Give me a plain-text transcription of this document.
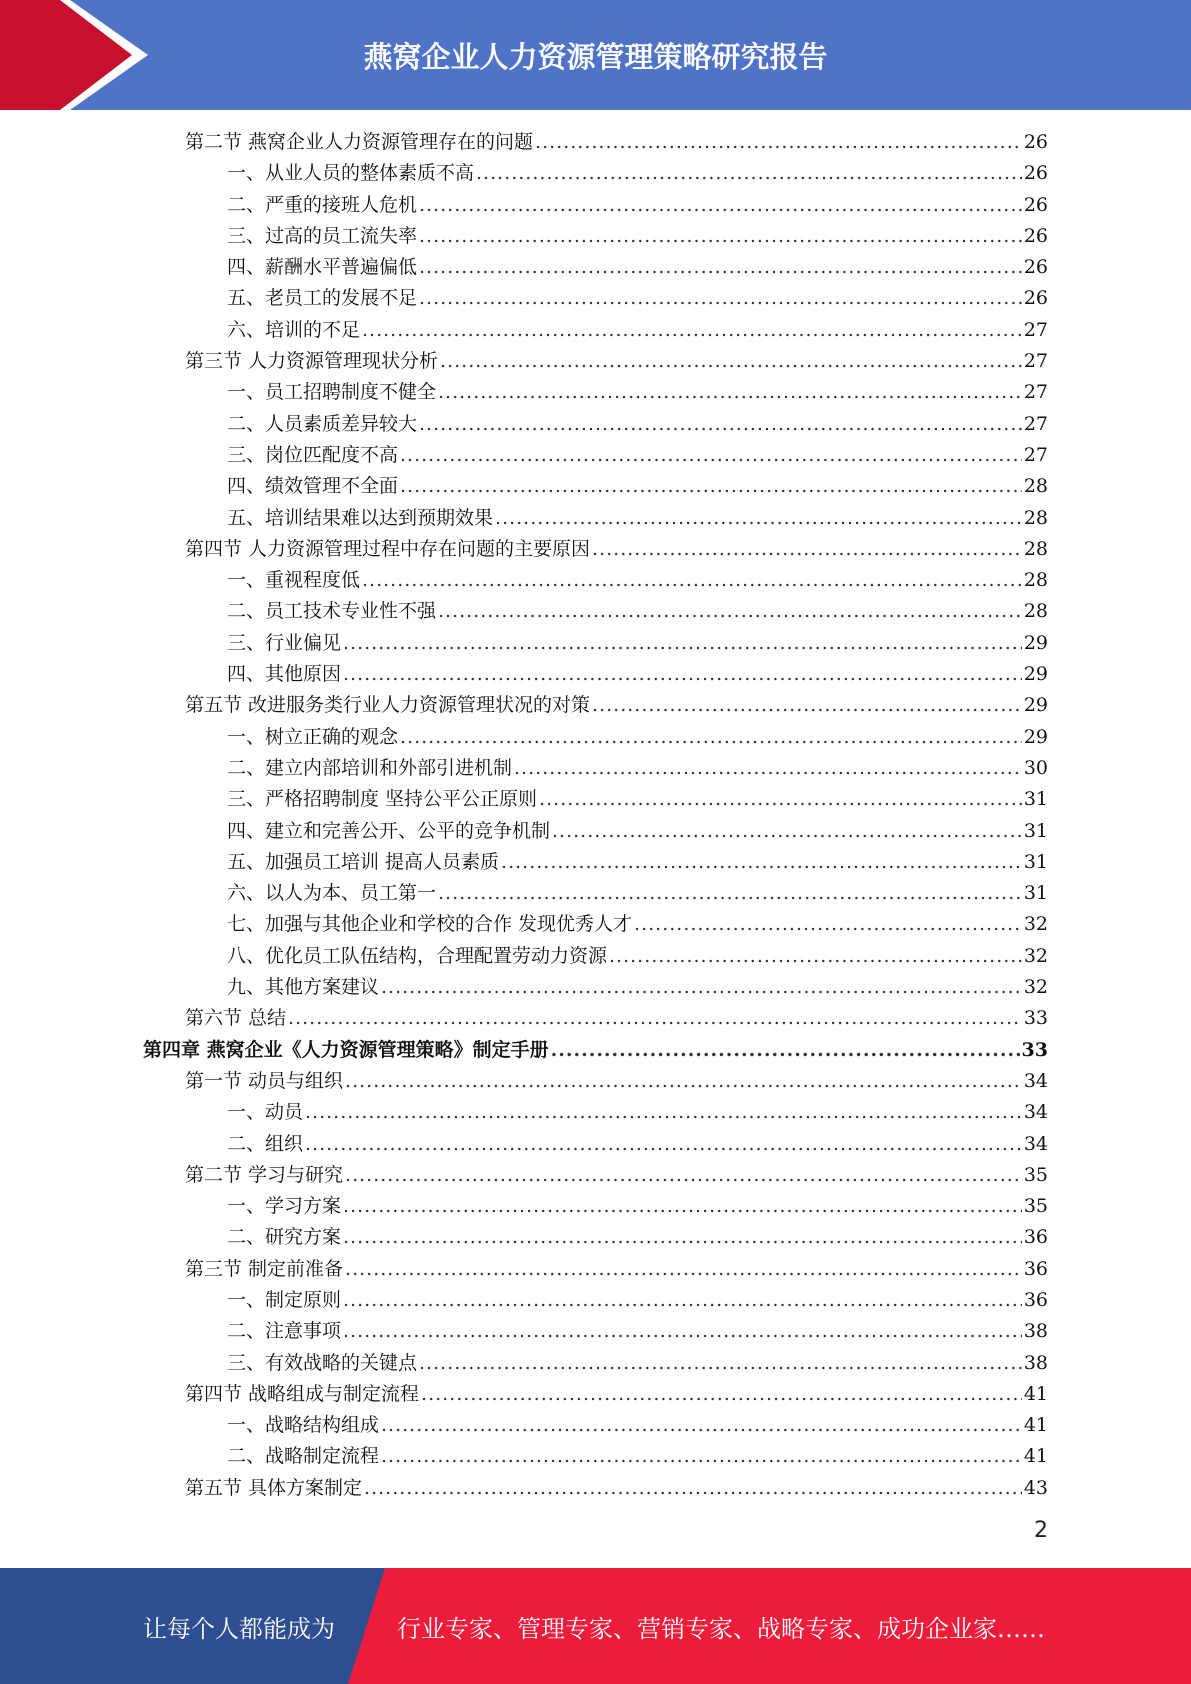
燕窝企业人力资源管理策略研究报告
第二节 燕窝企业人力资源管理存在的问题 .....	26
一、从业人员的整体素质不高 .....	26
二、严重的接班人危机 .....	26
三、过高的员工流失率 .....	26
四、薪酬水平普遍偏低 .....	26
五、老员工的发展不足 .....	26
六、培训的不足 .....	27
第三节 人力资源管理现状分析 .....	27
一、员工招聘制度不健全 .....	27
二、人员素质差异较大 .....	27
三、岗位匹配度不高 .....	27
四、绩效管理不全面 .....	28
五、培训结果难以达到预期效果 .....	28
第四节 人力资源管理过程中存在问题的主要原因 .....	28
一、重视程度低 .....	28
二、员工技术专业性不强 .....	28
三、行业偏见 .....	29
四、其他原因 .....	29
第五节 改进服务类行业人力资源管理状况的对策 .....	29
一、树立正确的观念 .....	29
二、建立内部培训和外部引进机制 .....	30
三、严格招聘制度 坚持公平公正原则 .....	31
四、建立和完善公开、公平的竞争机制 .....	31
五、加强员工培训 提高人员素质 .....	31
六、以人为本、员工第一 .....	31
七、加强与其他企业和学校的合作 发现优秀人才 .....	32
八、优化员工队伍结构，合理配置劳动力资源 .....	32
九、其他方案建议 .....	32
第六节 总结 .....	33
第四章 燕窝企业《人力资源管理策略》制定手册 .....	33
第一节 动员与组织 .....	34
一、动员 .....	34
二、组织 .....	34
第二节 学习与研究 .....	35
一、学习方案 .....	35
二、研究方案 .....	36
第三节 制定前准备 .....	36
一、制定原则 .....	36
二、注意事项 .....	38
三、有效战略的关键点 .....	38
第四节 战略组成与制定流程 .....	41
一、战略结构组成 .....	41
二、战略制定流程 .....	41
第五节 具体方案制定 .....	43
2
让每个人都能成为	行业专家、管理专家、营销专家、战略专家、成功企业家……
